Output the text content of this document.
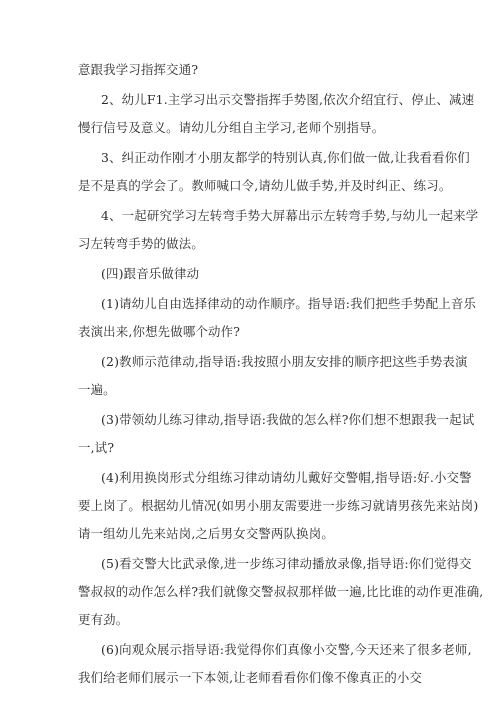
意跟我学习指挥交通?
2、幼儿F1.主学习出示交警指挥手势图,依次介绍宜行、停止、减速
慢行信号及意义。请幼儿分组自主学习,老师个别指导。
3、纠正动作刚才小朋友都学的特别认真,你们做一做,让我看看你们
是不是真的学会了。教师喊口令,请幼儿做手势,并及时纠正、练习。
4、一起研究学习左转弯手势大屏幕出示左转弯手势,与幼儿一起来学
习左转弯手势的做法。
(四)跟音乐做律动
(1)请幼儿自由选择律动的动作顺序。指导语:我们把些手势配上音乐
表演出来,你想先做哪个动作?
(2)教师示范律动,指导语:我按照小朋友安排的顺序把这些手势表演
一遍。
(3)带领幼儿练习律动,指导语:我做的怎么样?你们想不想跟我一起试
一,试?
(4)利用换岗形式分组练习律动请幼儿戴好交警帽,指导语:好.小交警
要上岗了。根据幼儿情况(如男小朋友需要进一步练习就请男孩先来站岗)
请一组幼儿先来站岗,之后男女交警两队换岗。
(5)看交警大比武录像,进一步练习律动播放录像,指导语:你们觉得交
警叔叔的动作怎么样?我们就像交警叔叔那样做一遍,比比谁的动作更准确,
更有劲。
(6)向观众展示指导语:我觉得你们真像小交警,今天还来了很多老师,
我们给老师们展示一下本领,让老师看看你们像不像真正的小交
